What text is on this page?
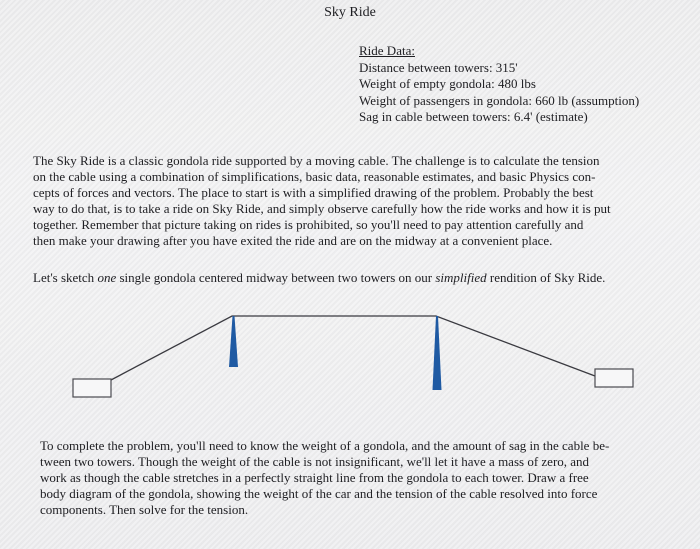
Sky Ride
Ride Data:
Distance between towers: 315'
Weight of empty gondola: 480 lbs
Weight of passengers in gondola: 660 lb (assumption)
Sag in cable between towers: 6.4' (estimate)

The Sky Ride is a classic gondola ride supported by a moving cable. The challenge is to calculate the tension
on the cable using a combination of simplifications, basic data, reasonable estimates, and basic Physics con-
cepts of forces and vectors. The place to start is with a simplified drawing of the problem. Probably the best
way to do that, is to take a ride on Sky Ride, and simply observe carefully how the ride works and how it is put
together. Remember that picture taking on rides is prohibited, so you'll need to pay attention carefully and
then make your drawing after you have exited the ride and are on the midway at a convenient place.

Let's sketch one single gondola centered midway between two towers on our simplified rendition of Sky Ride.

To complete the problem, you'll need to know the weight of a gondola, and the amount of sag in the cable be-
tween two towers. Though the weight of the cable is not insignificant, we'll let it have a mass of zero, and
work as though the cable stretches in a perfectly straight line from the gondola to each tower. Draw a free
body diagram of the gondola, showing the weight of the car and the tension of the cable resolved into force
components. Then solve for the tension.
